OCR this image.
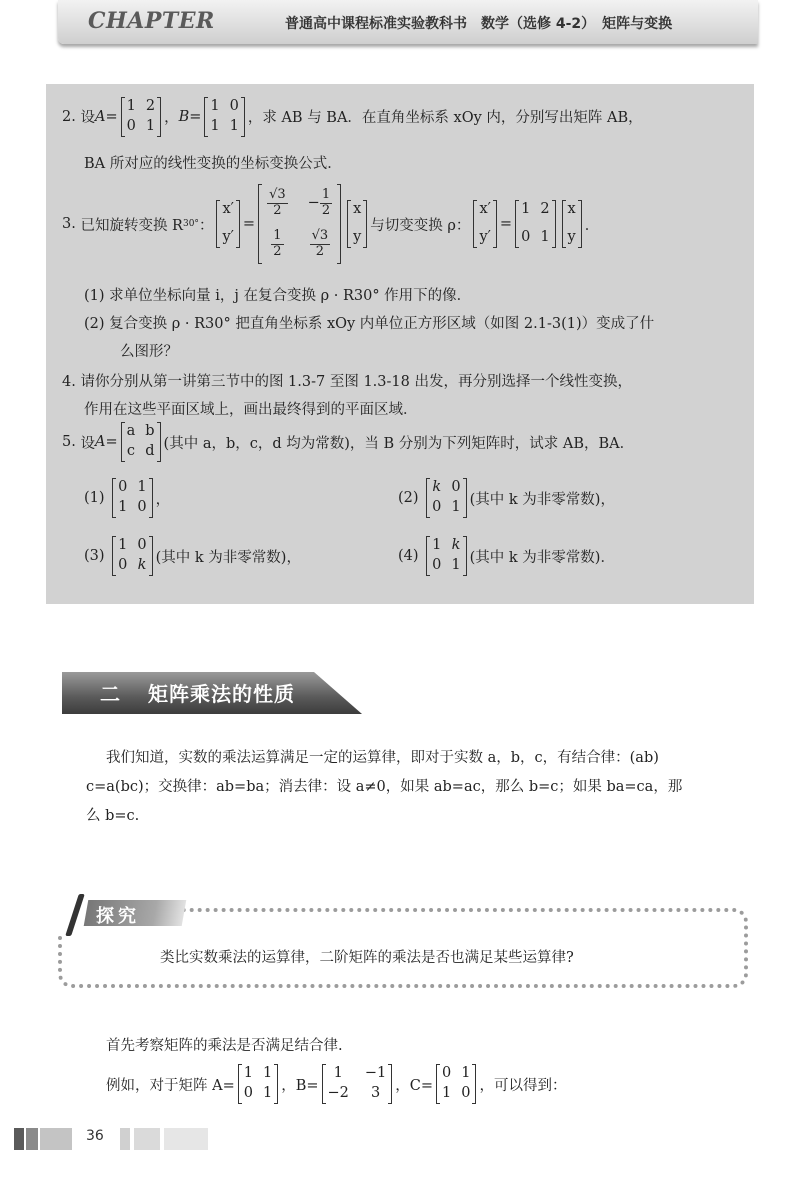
CHAPTER	普通高中课程标准实验教科书　数学（选修 4-2）　矩阵与变换
2.
设 A =
1 2
0 1 ， B =
1 0
1 1 ，求 AB 与 BA．在直角坐标系 xOy 内，分别写出矩阵 AB，
BA 所对应的线性变换的坐标变换公式．
3.
已知旋转变换 R 30° ：
x′
y′
=
$\frac{√3}{2} - \frac{1}{2}$
$\frac{1}{2} \frac{√3}{2}$
x
y
与切变变换 ρ：
x′
y′
=
1 2
0 1
x
y
．
(1) 求单位坐标向量 i，j 在复合变换 ρ · R30° 作用下的像．
(2) 复合变换 ρ · R30° 把直角坐标系 xOy 内单位正方形区域（如图 2.1-3(1)）变成了什
么图形？
4. 请你分别从第一讲第三节中的图 1.3-7 至图 1.3-18 出发，再分别选择一个线性变换，
作用在这些平面区域上，画出最终得到的平面区域．
5.
设 A =
a b
c d (其中 a，b，c，d 均为常数)，当 B 分别为下列矩阵时，试求 AB，BA．
(1)

0 1
1 0 ，	(2)

k 0
0 1 (其中 k 为非零常数)，
(3)

1 0
0 k (其中 k 为非零常数)，	(4)

1 k
0 1 (其中 k 为非零常数)．
二 矩阵乘法的性质
我们知道，实数的乘法运算满足一定的运算律，即对于实数 a，b，c，有结合律：(ab)
c=a(bc)；交换律：ab=ba；消去律：设 a≠0，如果 ab=ac，那么 b=c；如果 ba=ca，那
么 b=c.
探究
类比实数乘法的运算律，二阶矩阵的乘法是否也满足某些运算律?
首先考察矩阵的乘法是否满足结合律.
例如，对于矩阵 A=
1 1
0 1 ，B=
1	−1
−2	3	，C=
0 1
1 0 ，可以得到：
36
